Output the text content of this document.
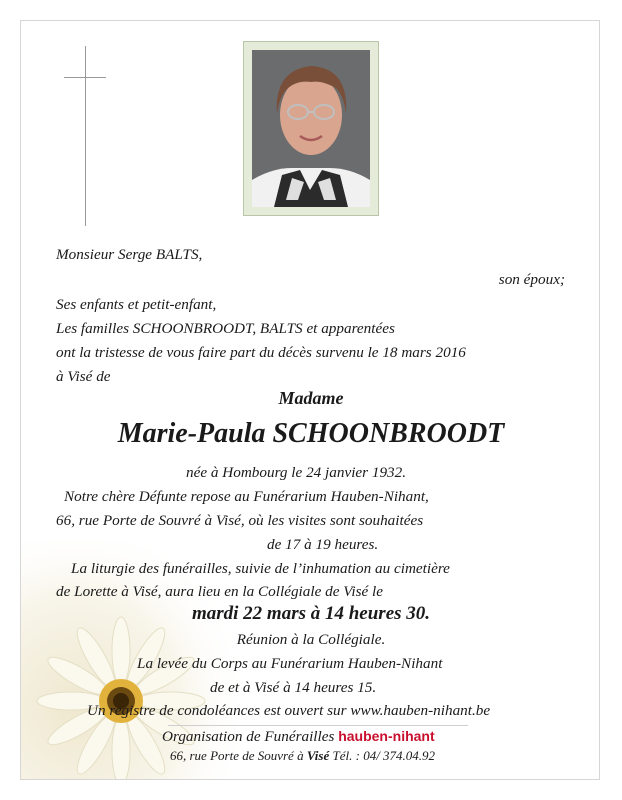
Monsieur Serge BALTS,
son époux;
Ses enfants et petit-enfant,
Les familles SCHOONBROODT, BALTS et apparentées
ont la tristesse de vous faire part du décès survenu le 18 mars 2016
à Visé de
Madame
Marie-Paula SCHOONBROODT
née à Hombourg le 24 janvier 1932.
Notre chère Défunte repose au Funérarium Hauben-Nihant,
66, rue Porte de Souvré à Visé, où les visites sont souhaitées
de 17 à 19 heures.
La liturgie des funérailles, suivie de l’inhumation au cimetière
de Lorette à Visé, aura lieu en la Collégiale de Visé le
mardi 22 mars à 14 heures 30.
Réunion à la Collégiale.
La levée du Corps au Funérarium Hauben-Nihant
de et à Visé à 14 heures 15.
Un registre de condoléances est ouvert sur www.hauben-nihant.be
Organisation de Funérailles hauben-nihant
66, rue Porte de Souvré à Visé Tél. : 04/ 374.04.92
